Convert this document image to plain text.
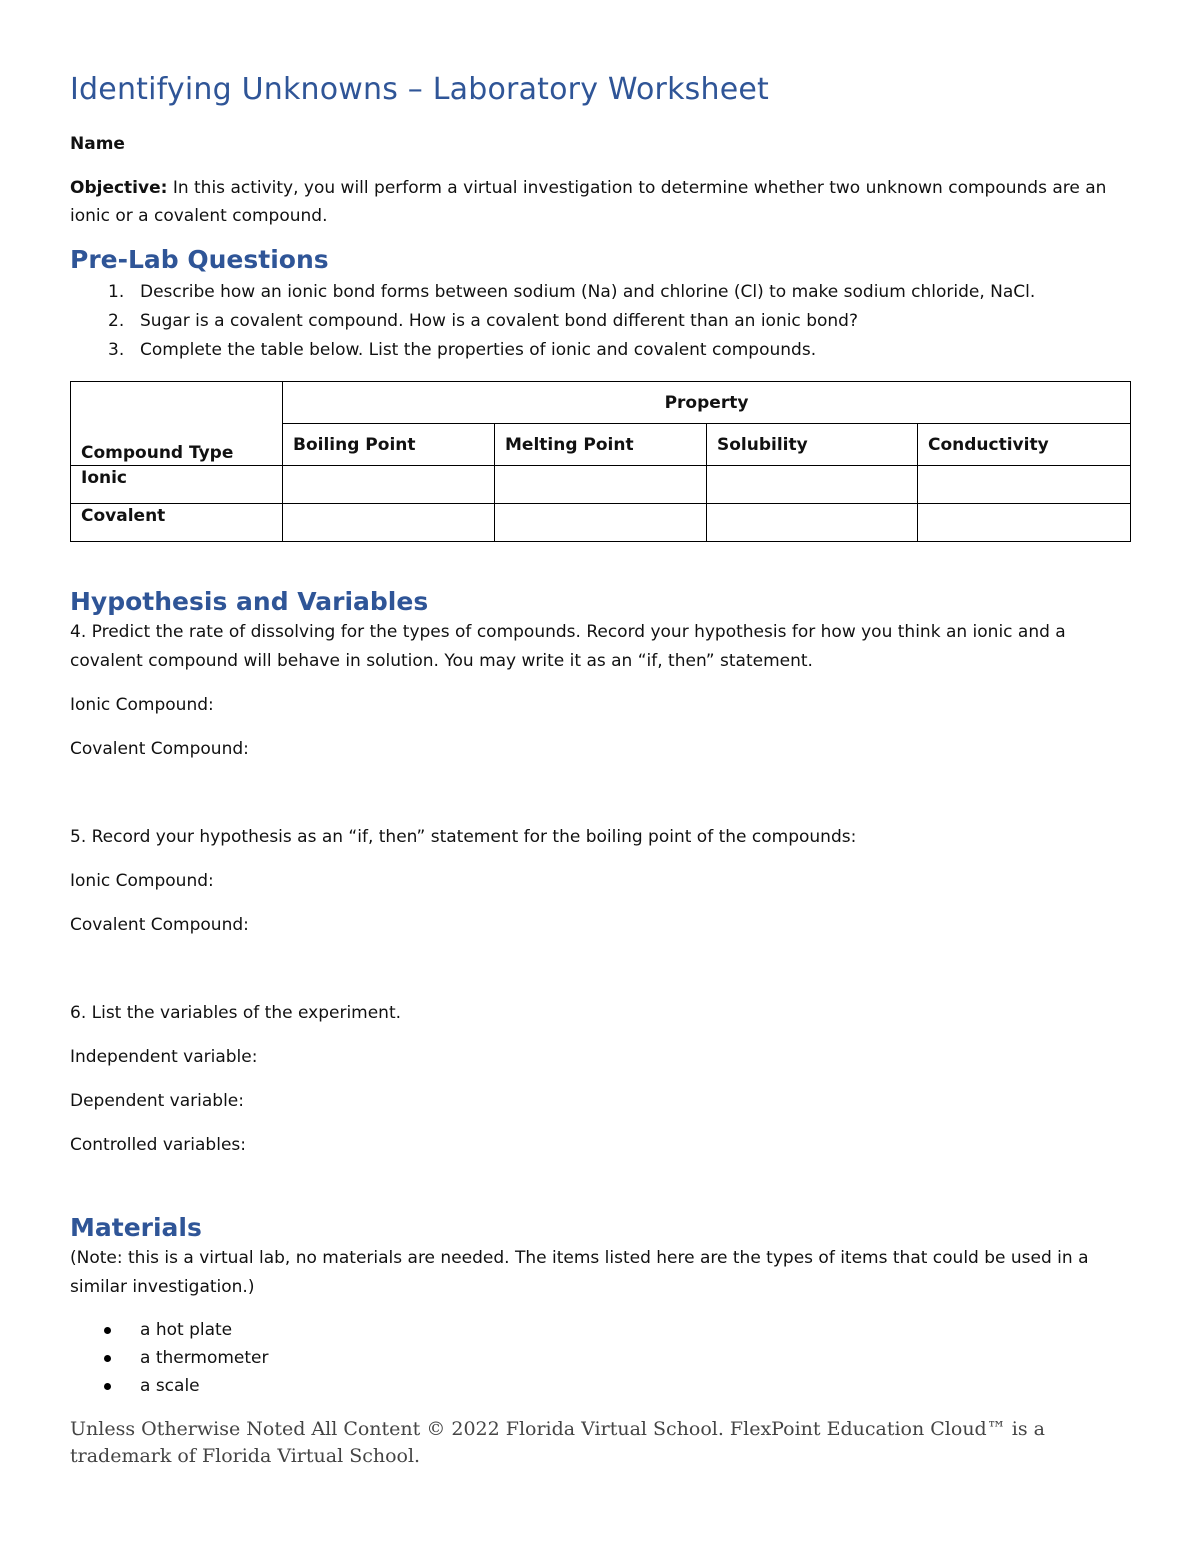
Identifying Unknowns – Laboratory Worksheet
Name
Objective: In this activity, you will perform a virtual investigation to determine whether two unknown compounds are an ionic or a covalent compound.
Pre-Lab Questions
1. Describe how an ionic bond forms between sodium (Na) and chlorine (Cl) to make sodium chloride, NaCl.
2. Sugar is a covalent compound. How is a covalent bond different than an ionic bond?
3. Complete the table below. List the properties of ionic and covalent compounds.
Compound Type	Property			
	Boiling Point	Melting Point	Solubility	Conductivity
Ionic				
Covalent				
Hypothesis and Variables

4. Predict the rate of dissolving for the types of compounds. Record your hypothesis for how you think an ionic and a covalent compound will behave in solution. You may write it as an “if, then” statement.

Ionic Compound:

Covalent Compound:

5. Record your hypothesis as an “if, then” statement for the boiling point of the compounds:

Ionic Compound:

Covalent Compound:

6. List the variables of the experiment.

Independent variable:

Dependent variable:

Controlled variables:

Materials

(Note: this is a virtual lab, no materials are needed. The items listed here are the types of items that could be used in a similar investigation.)

a hot plate
a thermometer
a scale

Unless Otherwise Noted All Content © 2022 Florida Virtual School. FlexPoint Education Cloud™ is a trademark of Florida Virtual School.
